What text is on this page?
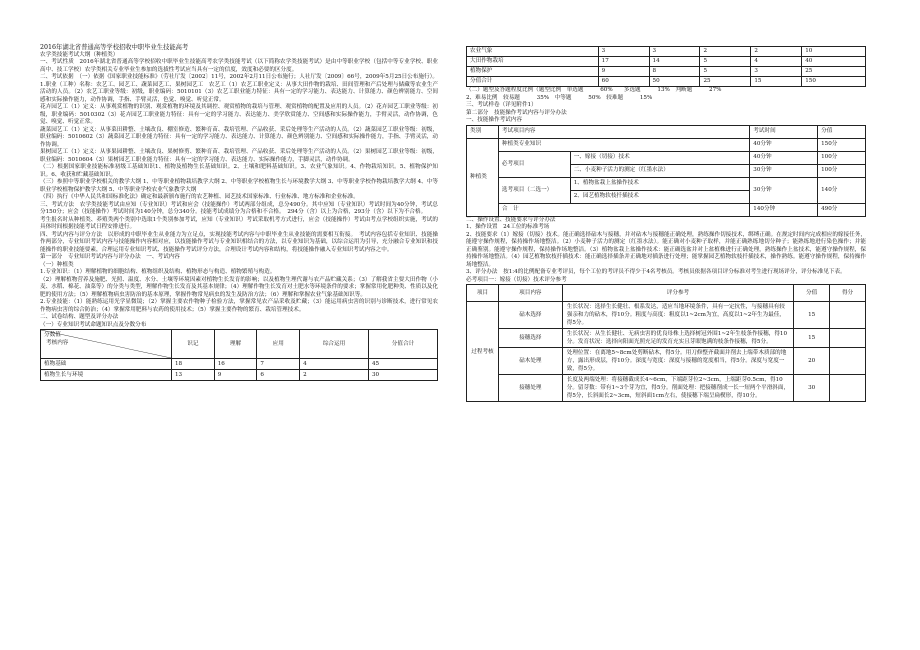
2016年湖北省普通高等学校招收中职毕业生技能高考

农学类技能考试大纲（种植类）

一、考试性质　2016年湖北省普通高等学校招收中职毕业生技能高考农学类技能考试（以下简称农学类技能考试）是由中等职业学校（包括中等专业学校、职业高中、技工学校）农学类相关专业毕业生参加的选拔性考试应当具有一定的信度，效度和必要的区分度。

二、考试依据　（一）依据《国家职业技能标准》（劳社厅发〔2002〕11号，2002年2月11日公布施行；人社厅发〔2009〕66号，2009年5月25日公布施行）。1.职业（工种）名称：农艺工、园艺工、蔬菜园艺工、果树园艺工　农艺工（1）农艺工职业定义：从事大田作物的栽培、田间管理和产后处理与储藏等农业生产活动的人员。（2）农艺工职业等级：初级，职业编码：5010101（3）农艺工职业能力特征：具有一定的学习能力、表达能力、计算能力、颜色辨别能力、空间感和实际操作能力，动作协调，手指、手臂灵活，色觉、嗅觉、听觉正常。

花卉园艺工（1）定义：从事观赏植物的识别、观赏植物的环境及其调控、观赏植物的栽培与管理、观赏植物的配置及应用的人员。（2）花卉园艺工职业等级：初级，职业编码：5010302（3）花卉园艺工职业能力特征：具有一定的学习能力、表达能力、美学欣赏能力、空间感和实际操作能力，手臂灵活，动作协调，色觉、嗅觉、听觉正常。

蔬菜园艺工（1）定义：从事菜田耕整、土壤改良、棚室修造、繁种育苗、栽培管理、产品收获、采后处理等生产活动的人员。（2）蔬菜园艺工职业等级：初级，职业编码：5010602（3）蔬菜园艺工职业能力特征：具有一定的学习能力、表达能力、计算能力、颜色辨别能力、空间感和实际操作能力，手指、手臂灵活，动作协调。

果树园艺工（1）定义：从事果园耕整、土壤改良、果树修剪、繁种育苗、栽培管理、产品收获、采后处理等生产活动的人员。（2）果树园艺工职业等级：初级，职业编码：5010604（3）果树园艺工职业能力特征：具有一定的学习能力、表达能力、实际操作能力，手脚灵活，动作协调。

（二）根据国家职业技能标准初级工基础知识1、植物及植物生长基础知识。2、土壤和肥料基础知识。3、农业气象知识。4、作物栽培知识。5、植物保护知识。6、收获和贮藏基础知识。

（三）参照中等职业学校相关的教学大纲 1、中等职业植物栽培教学大纲 2、中等职业学校植物生长与环境教学大纲 3、中等职业学校作物栽培教学大纲 4、中等职业学校植物保护教学大纲 5、中等职业学校农业气象教学大纲

（四）执行《中华人民共和国标准化法》确定和最新颁布施行的农艺种植、园艺技术国家标准、行业标准、地方标准和企业标准。

三、考试方法　农学类技能考试由应知（专业知识）考试和应会（技能操作）考试两部分组成，总分490分。其中应知（专业知识）考试时间为40分钟，考试总分150分；应会（技能操作）考试时间为140分钟，总分340分。技能考试成绩分为合格和不合格。　294分（含）以上为合格，293分（含）以下为不合格。

考生报名时从种植类、养殖类两个类别中选取1个类别参加考试，应知（专业知识）考试采取机考方式进行，应会（技能操作）考试由考点学校组织实施，考试的具体时间根据技能考试日程安排进行。

四、考试内容与评分方法　以形成的中职毕业生从业能力为立足点，实现技能考试内容与中职毕业生从业技能的需要相互衔接。　考试内容包括专业知识、技能操作两部分，专业知识考试内容与技能操作内容相对应，以技能操作考试与专业知识相结合的方法，以专业知识为基础，以综合运用为引导，充分融合专业知识和技能操作的职业技能要素，合理运用专业知识考试、技能操作考试评分方法，合理设计考试内容和结构，将技能操作融入专业知识考试内容之中。

第一部分　专业知识考试内容与评分办法　一、考试内容

（一）种植类

1.专业知识：（1）理解植物的细胞结构、植物组织及结构、植物形态与构造、植物繁殖与构造。

（2）理解植物营养及施肥、光照、温度、水分、土壤等环境因素对植物生长发育的影响；以及植物生理代谢与农产品贮藏关系；（3）了解我省主要大田作物（小麦、水稻、棉花、油菜等）的分类与类型，理解作物生长发育及其基本规律；（4）理解作物生长发育对土肥水等环境条件的要求；掌握常用化肥种类、性质以及化肥的使用方法；（5）理解植物病虫害防治的基本原理，掌握作物常见病虫的发生及防治方法；（6）理解和掌握农业气象基础知识等。

2.专业技能：（1）能熟练运用光学显微镜；（2）掌握主要农作物种子检验方法，掌握常见农产品采收及贮藏；（3）能运用病虫害的识别与诊断技术，进行常见农作物病虫害的综合防治；（4）掌握常用肥料与农药的使用技术；（5）掌握主要作物的繁育、栽培管理技术。

二、试卷结构、题型及评分办法

（一）专业知识考试命题知识点及分数分布

分数值
考核内容	识记	理解	应用	综合运用	分值合计
植物基础	18	16	7	4	45
植物生长与环境	13	9	6	2	30
农业气象	3	3	2	2	10
大田作物栽培	17	14	5	4	40
植物保护	9	8	5	3	25
分值合计	60	50	25	15	150

（二）题型及答题程度比例（题型比例　单选题　　　60%　　多选题　　　13%　判断题　　　27%

2、难易比例　较易题　　　35%　中等题　　　50%　较难题　　　15%

三、考试样卷（详见附件1）

第二部分　技能操作考试内容与评分办法

一、技能操作考试内容

类别	考试项目内容		考试时间	分值
种植类	种植类专业知识		40分钟	150分
	必考项目	一、嫁接（切接）技术	40分钟	100分
		二、小麦种子活力的测定（红墨水法）	30分钟	100分
	选考项目（二选一）	1、植物盆栽上盆操作技术	30分钟	140分
		2、园艺植物软枝扦插技术		
	合　计		140分钟	490分

二、操作设置、技能要求与评分办法

1、操作设置　24工位的标准考场

2、技能要求（1）嫁接（切接）技术。能正确选择砧木与接穗，并对砧木与接穗能正确处理，熟练操作切接技术，绑缚正确。在规定时间内完成相应的嫁接任务，能遵守操作规程，保持操作场地整洁。（2）小麦种子活力的测定（红墨水法）。能正确对小麦种子取样，并能正确熟练地切分种子；能熟练地进行染色操作；并能正确鉴别。能遵守操作规程，保持操作场地整洁。（3）植物盆栽上盆操作技术：能正确选盆并对上盆植株进行正确处理，熟练操作上盆技术，能遵守操作规程，保持操作场地整洁。（4）园艺植物软枝扦插技术：能正确选择插条并正确地对插条进行处理；能掌握园艺植物软枝扦插技术，操作熟练。能遵守操作规程，保持操作场地整洁。

3、评分办法　按1:4的比例配备专业考评员，每个工位的考评员不得少于4名考核员。考核员依据各项目评分标准对考生进行现场评分，评分标准见下表。

必考项目一：嫁接（切接）技术评分参考

项目	项目内容	评分参考	分值	得分
过程考核	砧木选择	生长状况：选择生长健壮、根系发达，适应当地环境条件，具有一定抗性，与接穗具有较强亲和力的砧木，得10分。粗度与高度：粗度以1~2cm为宜，高度以1~2年生为最佳，得5分。	15	
	接穗选择	生长状况：从生长健壮、无病虫害的优良母株上选择树冠外围1~2年生枝条作接穗，得10分。发育状况：选择向阳面光照充足的发育充实且芽眼饱满的枝条作接穗，得5分。	15	
	砧木处理	处理位置：在离地5~8cm处剪断砧木，得5分。用刀修整齐截面并削去上端带木质部的地方，露出形成层，得10分。深度与宽度：深度与接穗的宽度相当，得5分。深度与宽度一致，得5分。	20	
	接穗处理	长度及两端处理：将接穗截成长4~6cm，下端距芽位2~3cm，上端距芽0.5cm，得10分。留芽数：带有1~3个芽为宜，得5分。削面处理：把接穗削成一长一短两个平滑斜面，得5分，长斜面长2~3cm，短斜面1cm左右，使接穗下端呈扁楔形，得10分。	30	
